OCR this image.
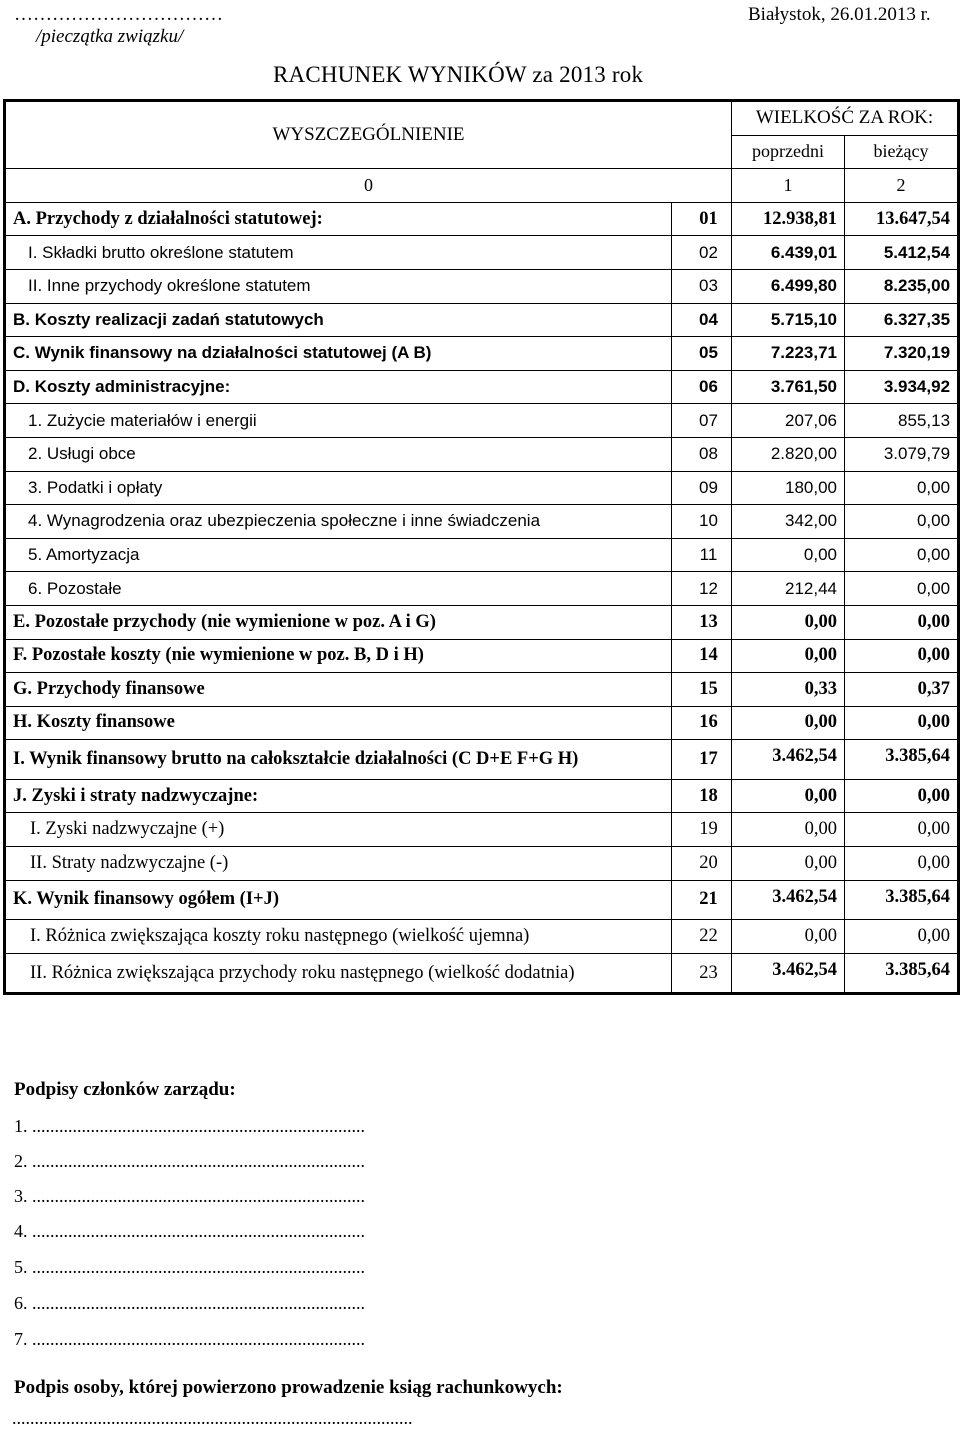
……………………………
/pieczątka związku/
Białystok, 26.01.2013 r.
RACHUNEK WYNIKÓW za 2013 rok
WYSZCZEGÓLNIENIE		WIELKOŚĆ ZA ROK:	
		poprzedni	bieżący
0		1	2
A. Przychody z działalności statutowej:	01	12.938,81	13.647,54
I. Składki brutto określone statutem	02	6.439,01	5.412,54
II. Inne przychody określone statutem	03	6.499,80	8.235,00
B. Koszty realizacji zadań statutowych	04	5.715,10	6.327,35
C. Wynik finansowy na działalności statutowej (A B)	05	7.223,71	7.320,19
D. Koszty administracyjne:	06	3.761,50	3.934,92
1. Zużycie materiałów i energii	07	207,06	855,13
2. Usługi obce	08	2.820,00	3.079,79
3. Podatki i opłaty	09	180,00	0,00
4. Wynagrodzenia oraz ubezpieczenia społeczne i inne świadczenia	10	342,00	0,00
5. Amortyzacja	11	0,00	0,00
6. Pozostałe	12	212,44	0,00
E. Pozostałe przychody (nie wymienione w poz. A i G)	13	0,00	0,00
F. Pozostałe koszty (nie wymienione w poz. B, D i H)	14	0,00	0,00
G. Przychody finansowe	15	0,33	0,37
H. Koszty finansowe	16	0,00	0,00
I. Wynik finansowy brutto na całokształcie działalności (C D+E F+G H)	17	3.462,54	3.385,64
J. Zyski i straty nadzwyczajne:	18	0,00	0,00
I. Zyski nadzwyczajne (+)	19	0,00	0,00
II. Straty nadzwyczajne (-)	20	0,00	0,00
K. Wynik finansowy ogółem (I+J)	21	3.462,54	3.385,64
I. Różnica zwiększająca koszty roku następnego (wielkość ujemna)	22	0,00	0,00
II. Różnica zwiększająca przychody roku następnego (wielkość dodatnia)	23	3.462,54	3.385,64
Podpisy członków zarządu:
1. ..........................................................................
2. ..........................................................................
3. ..........................................................................
4. ..........................................................................
5. ..........................................................................
6. ..........................................................................
7. ..........................................................................
Podpis osoby, której powierzono prowadzenie ksiąg rachunkowych:
.........................................................................................
